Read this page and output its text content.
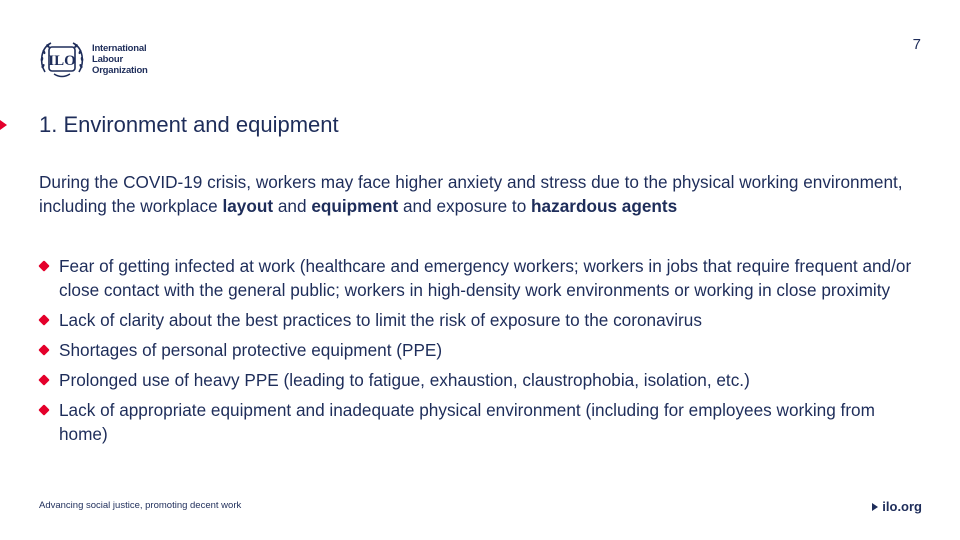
ILO
International
Labour
Organization
7
1. Environment and equipment

During the COVID-19 crisis, workers may face higher anxiety and stress due to the physical working environment, including the workplace layout and equipment and exposure to hazardous agents

Fear of getting infected at work (healthcare and emergency workers; workers in jobs that require frequent and/or close contact with the general public; workers in high-density work environments or working in close proximity
Lack of clarity about the best practices to limit the risk of exposure to the coronavirus
Shortages of personal protective equipment (PPE)
Prolonged use of heavy PPE (leading to fatigue, exhaustion, claustrophobia, isolation, etc.)
Lack of appropriate equipment and inadequate physical environment (including for employees working from home)
Advancing social justice, promoting decent work	ilo.org
